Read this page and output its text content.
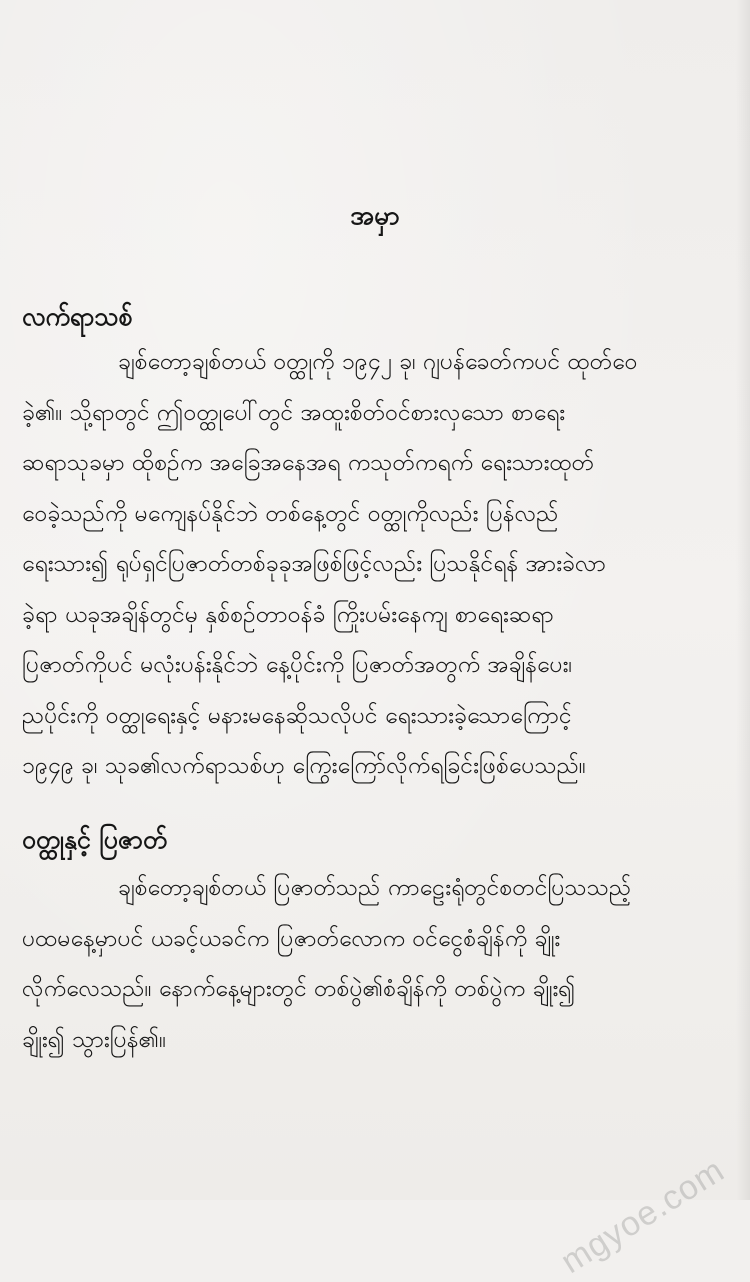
အမှာ
လက်ရာသစ်
ချစ်တော့ချစ်တယ် ဝတ္ထုကို ၁၉၄၂ ခု၊ ဂျပန်ခေတ်ကပင် ထုတ်ဝေ
ခဲ့၏။ သို့ရာတွင် ဤဝတ္ထုပေါ်တွင် အထူးစိတ်ဝင်စားလှသော စာရေး
ဆရာသုခမှာ ထိုစဉ်က အခြေအနေအရ ကသုတ်ကရက် ရေးသားထုတ်
ဝေခဲ့သည်ကို မကျေနပ်နိုင်ဘဲ တစ်နေ့တွင် ဝတ္ထုကိုလည်း ပြန်လည်
ရေးသား၍ ရုပ်ရှင်ပြဇာတ်တစ်ခုခုအဖြစ်ဖြင့်လည်း ပြသနိုင်ရန် အားခဲလာ
ခဲ့ရာ ယခုအချိန်တွင်မှ နှစ်စဉ်တာဝန်ခံ ကြိုးပမ်းနေကျ စာရေးဆရာ
ပြဇာတ်ကိုပင် မလုံးပန်းနိုင်ဘဲ နေ့ပိုင်းကို ပြဇာတ်အတွက် အချိန်ပေး၊
ညပိုင်းကို ဝတ္ထုရေးနှင့် မနားမနေဆိုသလိုပင် ရေးသားခဲ့သောကြောင့်
၁၉၄၉ ခု၊ သုခ၏လက်ရာသစ်ဟု ကြွေးကြော်လိုက်ရခြင်းဖြစ်ပေသည်။
ဝတ္ထုနှင့် ပြဇာတ်
ချစ်တော့ချစ်တယ် ပြဇာတ်သည် ကာဠေးရုံတွင်စတင်ပြသသည့်
ပထမနေ့မှာပင် ယခင့်ယခင်က ပြဇာတ်လောက ဝင်ငွေစံချိန်ကို ချိုး
လိုက်လေသည်။ နောက်နေ့များတွင် တစ်ပွဲ၏စံချိန်ကို တစ်ပွဲက ချိုး၍
ချိုး၍ သွားပြန်၏။
mgyoe.com
